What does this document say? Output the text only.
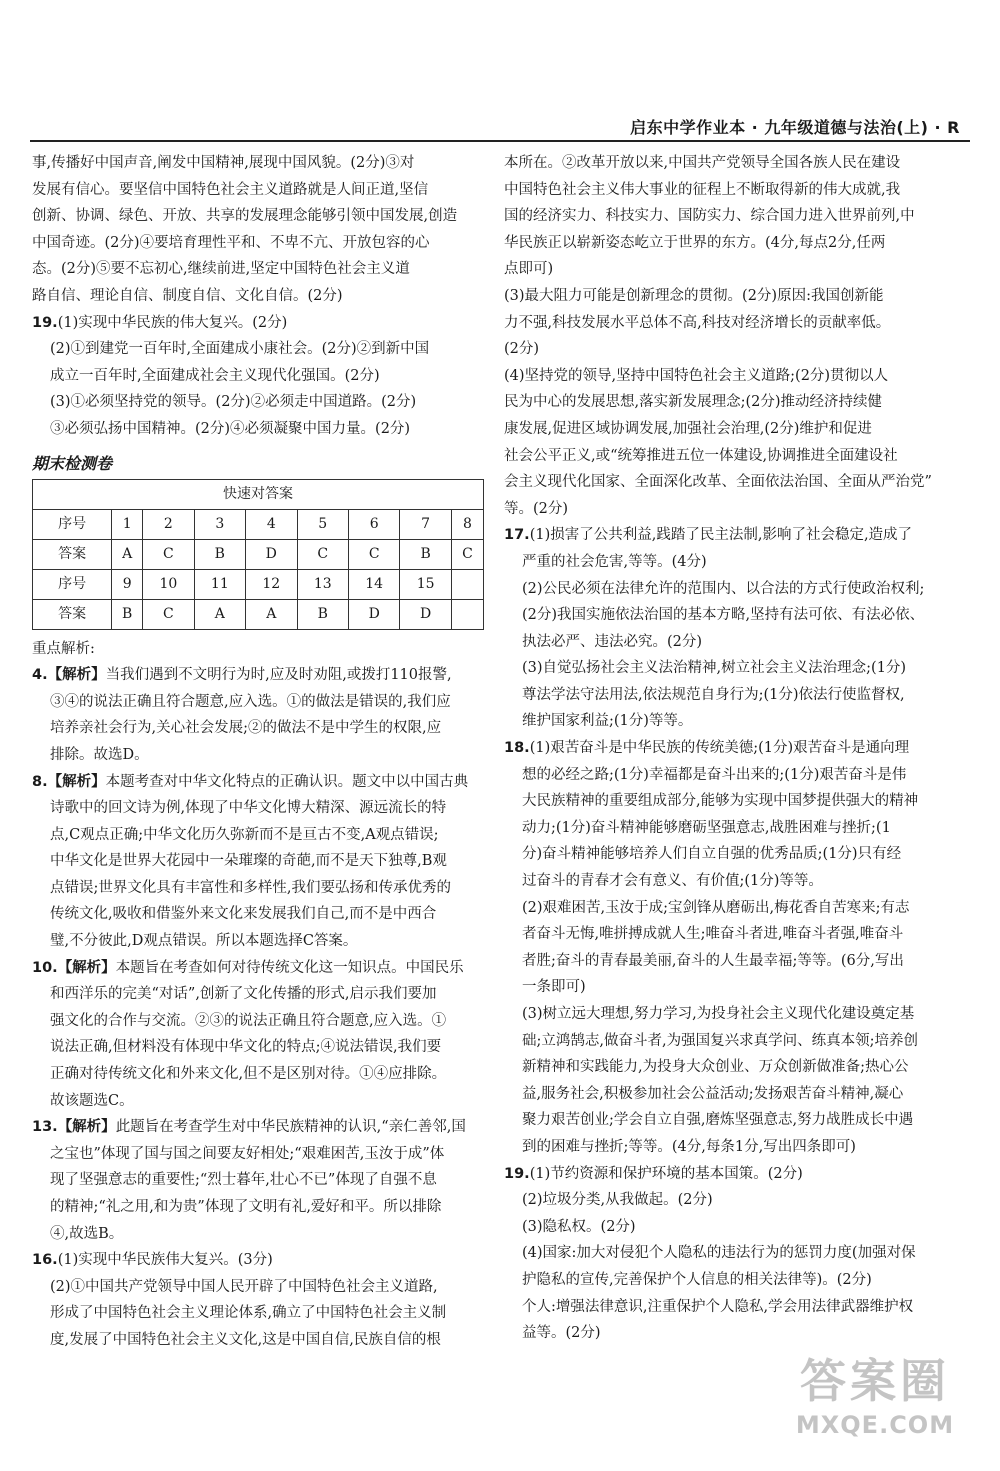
启东中学作业本 · 九年级道德与法治(上) · R

事,传播好中国声音,阐发中国精神,展现中国风貌。(2分)③对

发展有信心。要坚信中国特色社会主义道路就是人间正道,坚信

创新、协调、绿色、开放、共享的发展理念能够引领中国发展,创造

中国奇迹。(2分)④要培育理性平和、不卑不亢、开放包容的心

态。(2分)⑤要不忘初心,继续前进,坚定中国特色社会主义道

路自信、理论自信、制度自信、文化自信。(2分)

19.(1)实现中华民族的伟大复兴。(2分)

(2)①到建党一百年时,全面建成小康社会。(2分)②到新中国

成立一百年时,全面建成社会主义现代化强国。(2分)

(3)①必须坚持党的领导。(2分)②必须走中国道路。(2分)

③必须弘扬中国精神。(2分)④必须凝聚中国力量。(2分)

期末检测卷
快速对答案								
序号	1	2	3	4	5	6	7	8
答案	A	C	B	D	C	C	B	C
序号	9	10	11	12	13	14	15	
答案	B	C	A	A	B	D	D	

重点解析:

4.【解析】当我们遇到不文明行为时,应及时劝阻,或拨打110报警,

③④的说法正确且符合题意,应入选。①的做法是错误的,我们应

培养亲社会行为,关心社会发展;②的做法不是中学生的权限,应

排除。故选D。

8.【解析】本题考查对中华文化特点的正确认识。题文中以中国古典

诗歌中的回文诗为例,体现了中华文化博大精深、源远流长的特

点,C观点正确;中华文化历久弥新而不是亘古不变,A观点错误;

中华文化是世界大花园中一朵璀璨的奇葩,而不是天下独尊,B观

点错误;世界文化具有丰富性和多样性,我们要弘扬和传承优秀的

传统文化,吸收和借鉴外来文化来发展我们自己,而不是中西合

璧,不分彼此,D观点错误。所以本题选择C答案。

10.【解析】本题旨在考查如何对待传统文化这一知识点。中国民乐

和西洋乐的完美“对话”,创新了文化传播的形式,启示我们要加

强文化的合作与交流。②③的说法正确且符合题意,应入选。①

说法正确,但材料没有体现中华文化的特点;④说法错误,我们要

正确对待传统文化和外来文化,但不是区别对待。①④应排除。

故该题选C。

13.【解析】此题旨在考查学生对中华民族精神的认识,“亲仁善邻,国

之宝也”体现了国与国之间要友好相处;“艰难困苦,玉汝于成”体

现了坚强意志的重要性;“烈士暮年,壮心不已”体现了自强不息

的精神;“礼之用,和为贵”体现了文明有礼,爱好和平。所以排除

④,故选B。

16.(1)实现中华民族伟大复兴。(3分)

(2)①中国共产党领导中国人民开辟了中国特色社会主义道路,

形成了中国特色社会主义理论体系,确立了中国特色社会主义制

度,发展了中国特色社会主义文化,这是中国自信,民族自信的根

本所在。②改革开放以来,中国共产党领导全国各族人民在建设

中国特色社会主义伟大事业的征程上不断取得新的伟大成就,我

国的经济实力、科技实力、国防实力、综合国力进入世界前列,中

华民族正以崭新姿态屹立于世界的东方。(4分,每点2分,任两

点即可)

(3)最大阻力可能是创新理念的贯彻。(2分)原因:我国创新能

力不强,科技发展水平总体不高,科技对经济增长的贡献率低。

(2分)

(4)坚持党的领导,坚持中国特色社会主义道路;(2分)贯彻以人

民为中心的发展思想,落实新发展理念;(2分)推动经济持续健

康发展,促进区域协调发展,加强社会治理,(2分)维护和促进

社会公平正义,或“统筹推进五位一体建设,协调推进全面建设社

会主义现代化国家、全面深化改革、全面依法治国、全面从严治党”

等。(2分)

17.(1)损害了公共利益,践踏了民主法制,影响了社会稳定,造成了

严重的社会危害,等等。(4分)

(2)公民必须在法律允许的范围内、以合法的方式行使政治权利;

(2分)我国实施依法治国的基本方略,坚持有法可依、有法必依、

执法必严、违法必究。(2分)

(3)自觉弘扬社会主义法治精神,树立社会主义法治理念;(1分)

尊法学法守法用法,依法规范自身行为;(1分)依法行使监督权,

维护国家利益;(1分)等等。

18.(1)艰苦奋斗是中华民族的传统美德;(1分)艰苦奋斗是通向理

想的必经之路;(1分)幸福都是奋斗出来的;(1分)艰苦奋斗是伟

大民族精神的重要组成部分,能够为实现中国梦提供强大的精神

动力;(1分)奋斗精神能够磨砺坚强意志,战胜困难与挫折;(1

分)奋斗精神能够培养人们自立自强的优秀品质;(1分)只有经

过奋斗的青春才会有意义、有价值;(1分)等等。

(2)艰难困苦,玉汝于成;宝剑锋从磨砺出,梅花香自苦寒来;有志

者奋斗无悔,唯拼搏成就人生;唯奋斗者进,唯奋斗者强,唯奋斗

者胜;奋斗的青春最美丽,奋斗的人生最幸福;等等。(6分,写出

一条即可)

(3)树立远大理想,努力学习,为投身社会主义现代化建设奠定基

础;立鸿鹄志,做奋斗者,为强国复兴求真学问、练真本领;培养创

新精神和实践能力,为投身大众创业、万众创新做准备;热心公

益,服务社会,积极参加社会公益活动;发扬艰苦奋斗精神,凝心

聚力艰苦创业;学会自立自强,磨炼坚强意志,努力战胜成长中遇

到的困难与挫折;等等。(4分,每条1分,写出四条即可)

19.(1)节约资源和保护环境的基本国策。(2分)

(2)垃圾分类,从我做起。(2分)

(3)隐私权。(2分)

(4)国家:加大对侵犯个人隐私的违法行为的惩罚力度(加强对保

护隐私的宣传,完善保护个人信息的相关法律等)。(2分)

个人:增强法律意识,注重保护个人隐私,学会用法律武器维护权

益等。(2分)

答案圈
MXQE.COM
